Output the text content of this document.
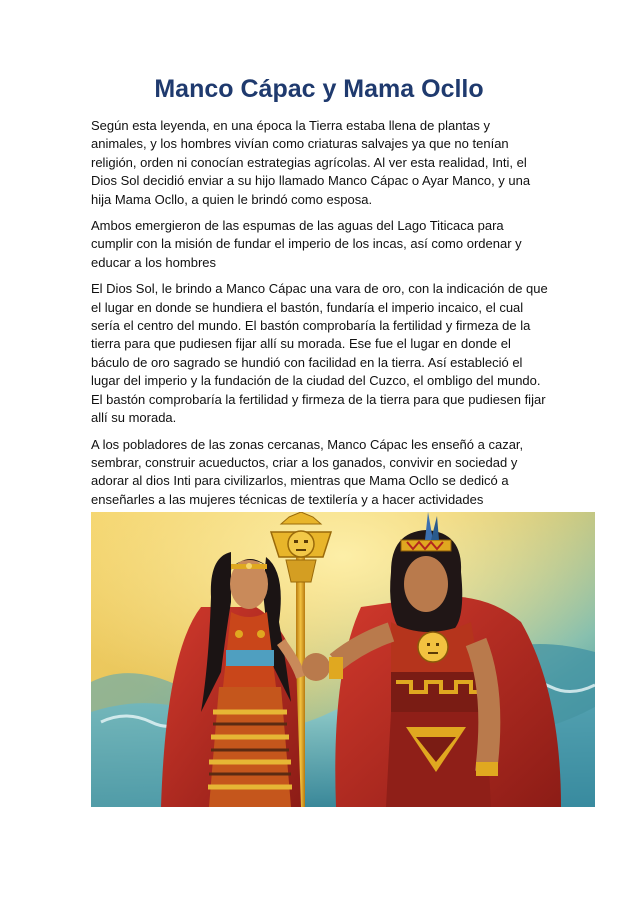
Manco Cápac y Mama Ocllo

Según esta leyenda, en una época la Tierra estaba llena de plantas y animales, y los hombres vivían como criaturas salvajes ya que no tenían religión, orden ni conocían estrategias agrícolas. Al ver esta realidad, Inti, el Dios Sol decidió enviar a su hijo llamado Manco Cápac o Ayar Manco, y una hija Mama Ocllo, a quien le brindó como esposa.

Ambos emergieron de las espumas de las aguas del Lago Titicaca para cumplir con la misión de fundar el imperio de los incas, así como ordenar y educar a los hombres

El Dios Sol, le brindo a Manco Cápac una vara de oro, con la indicación de que el lugar en donde se hundiera el bastón, fundaría el imperio incaico, el cual sería el centro del mundo. El bastón comprobaría la fertilidad y firmeza de la tierra para que pudiesen fijar allí su morada. Ese fue el lugar en donde el báculo de oro sagrado se hundió con facilidad en la tierra. Así estableció el lugar del imperio y la fundación de la ciudad del Cuzco, el ombligo del mundo. El bastón comprobaría la fertilidad y firmeza de la tierra para que pudiesen fijar allí su morada.

A los pobladores de las zonas cercanas, Manco Cápac les enseñó a cazar, sembrar, construir acueductos, criar a los ganados, convivir en sociedad y adorar al dios Inti para civilizarlos, mientras que Mama Ocllo se dedicó a enseñarles a las mujeres técnicas de textilería y a hacer actividades
